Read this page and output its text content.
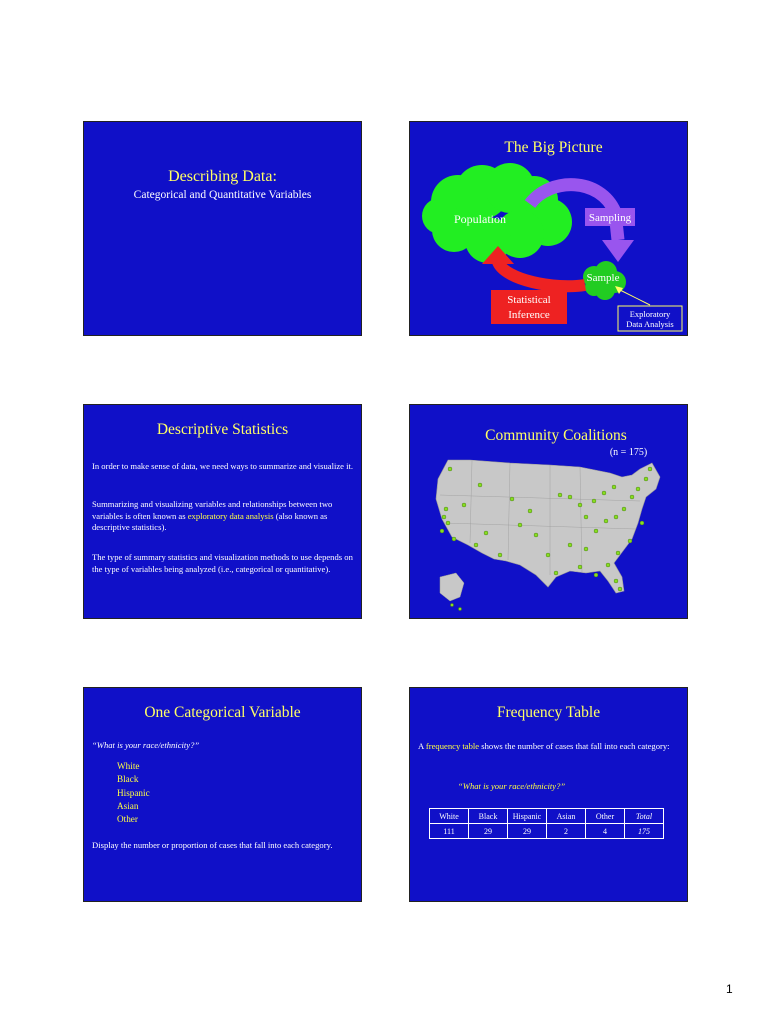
Describing Data:
Categorical and Quantitative Variables
The Big Picture
Population	Sampling
Sample
Statistical
Inference	Exploratory
Data Analysis
Descriptive Statistics
In order to make sense of data, we need ways to summarize and visualize it.
Summarizing and visualizing variables and relationships between two variables is often known as exploratory data analysis (also known as descriptive statistics).
The type of summary statistics and visualization methods to use depends on the type of variables being analyzed (i.e., categorical or quantitative).
Community Coalitions
(n = 175)
One Categorical Variable
“What is your race/ethnicity?”
White
Black
Hispanic
Asian
Other
Display the number or proportion of cases that fall into each category.
Frequency Table
A frequency table shows the number of cases that fall into each category:
“What is your race/ethnicity?”
White	Black	Hispanic	Asian	Other	Total
111	29	29	2	4	175
1
